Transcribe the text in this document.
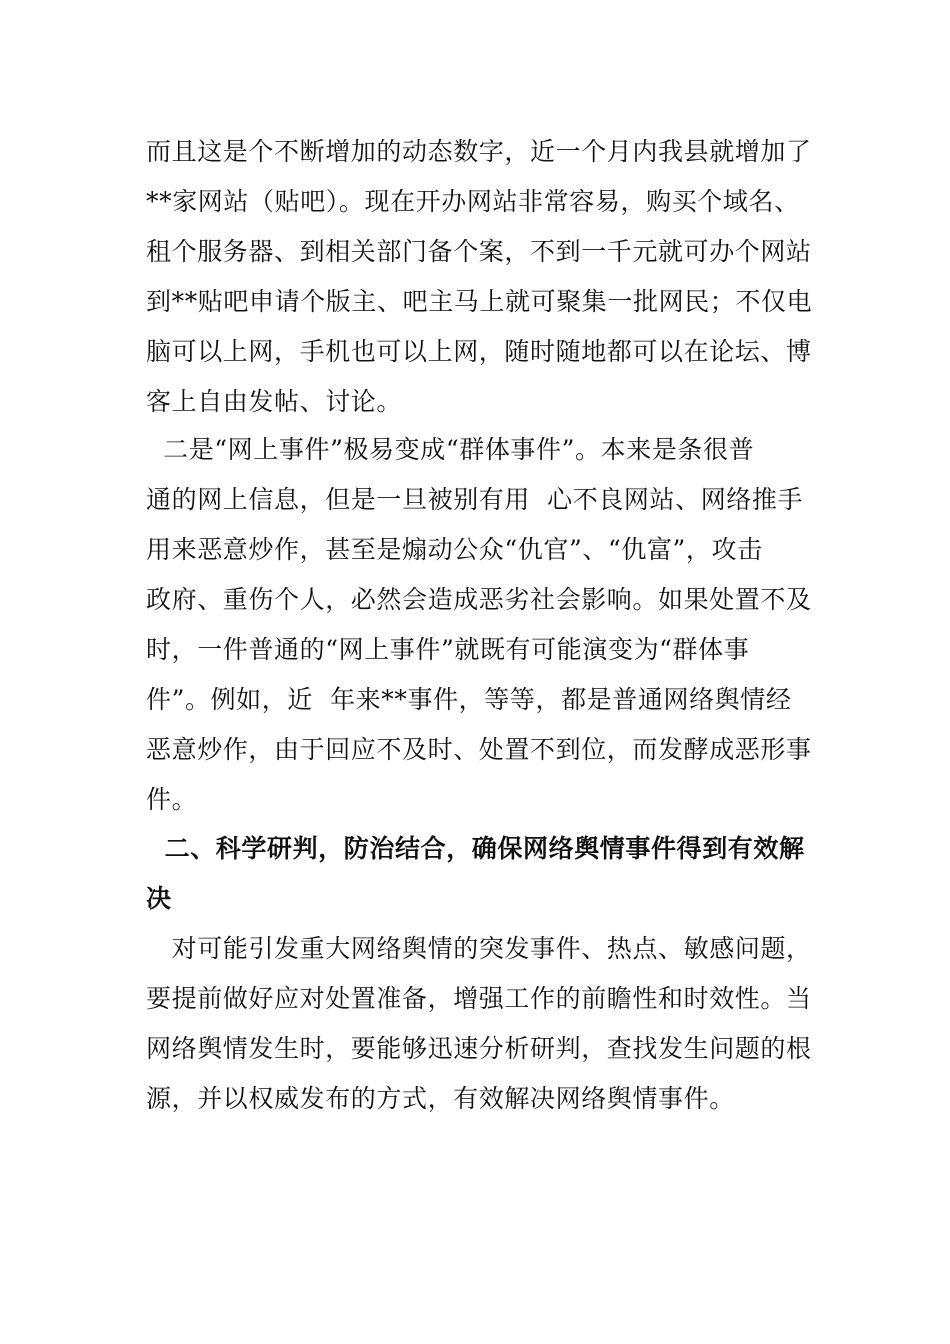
而且这是个不断增加的动态数字，近一个月内我县就增加了
**家网站（贴吧）。现在开办网站非常容易，购买个域名、
租个服务器、到相关部门备个案，不到一千元就可办个网站
到**贴吧申请个版主、吧主马上就可聚集一批网民；不仅电
脑可以上网，手机也可以上网，随时随地都可以在论坛、博
客上自由发帖、讨论。
二是“网上事件”极易变成“群体事件”。本来是条很普
通的网上信息，但是一旦被别有用  心不良网站、网络推手
用来恶意炒作，甚至是煽动公众“仇官”、“仇富”，攻击
政府、重伤个人，必然会造成恶劣社会影响。如果处置不及
时，一件普通的“网上事件”就既有可能演变为“群体事
件”。例如，近  年来**事件，等等，都是普通网络舆情经
恶意炒作，由于回应不及时、处置不到位，而发酵成恶形事
件。
二、科学研判，防治结合，确保网络舆情事件得到有效解
决
对可能引发重大网络舆情的突发事件、热点、敏感问题，
要提前做好应对处置准备，增强工作的前瞻性和时效性。当
网络舆情发生时，要能够迅速分析研判，查找发生问题的根
源，并以权威发布的方式，有效解决网络舆情事件。
